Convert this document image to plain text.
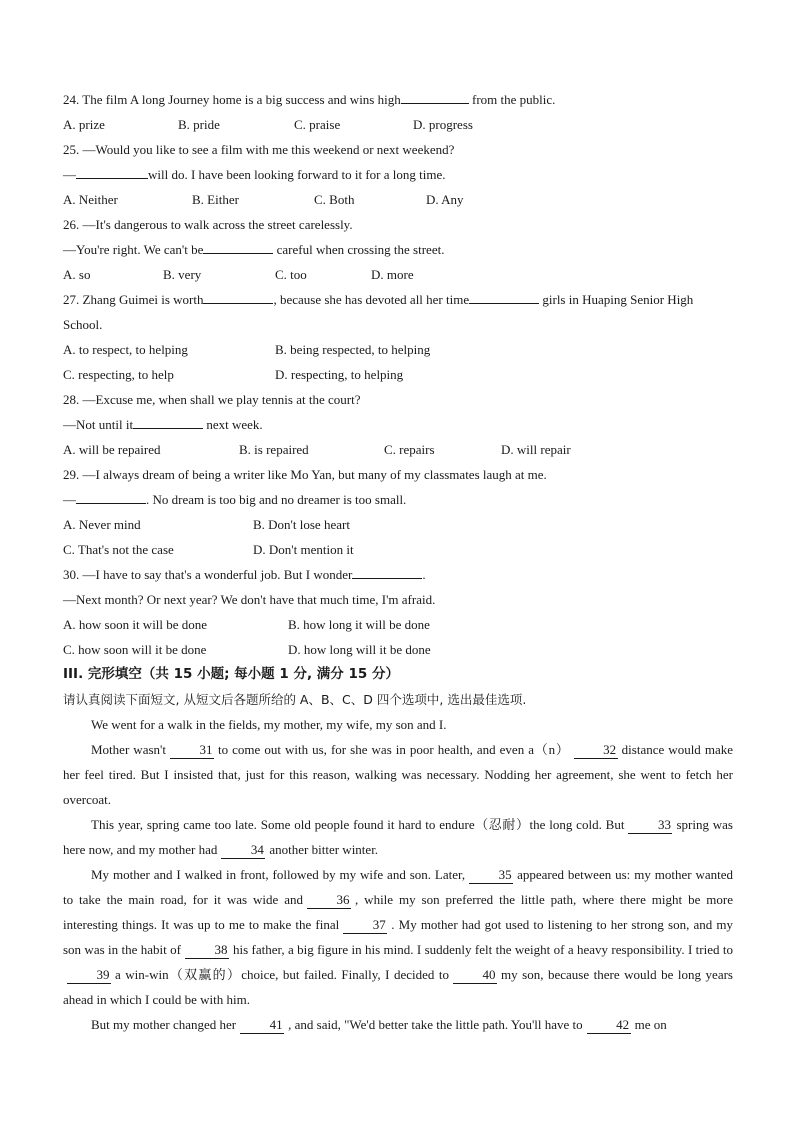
24. The film A long Journey home is a big success and wins high	from the public.
A. prize	B. pride	C. praise	D. progress
25. —Would you like to see a film with me this weekend or next weekend?
—	will do. I have been looking forward to it for a long time.
A. Neither	B. Either	C. Both	D. Any
26. —It's dangerous to walk across the street carelessly.
—You're right. We can't be	careful when crossing the street.
A. so	B. very	C. too	D. more
27. Zhang Guimei is worth	, because she has devoted all her time	girls in Huaping Senior High School.
A. to respect, to helping	B. being respected, to helping
C. respecting, to help	D. respecting, to helping
28. —Excuse me, when shall we play tennis at the court?
—Not until it	next week.
A. will be repaired	B. is repaired	C. repairs	D. will repair
29. —I always dream of being a writer like Mo Yan, but many of my classmates laugh at me.
—	. No dream is too big and no dreamer is too small.
A. Never mind	B. Don't lose heart
C. That's not the case	D. Don't mention it
30. —I have to say that's a wonderful job. But I wonder	.
—Next month? Or next year? We don't have that much time, I'm afraid.
A. how soon it will be done	B. how long it will be done
C. how soon will it be done	D. how long will it be done
III. 完形填空（共 15 小题; 每小题 1 分, 满分 15 分）
请认真阅读下面短文, 从短文后各题所给的 A、B、C、D 四个选项中, 选出最佳选项.
We went for a walk in the fields, my mother, my wife, my son and I.
Mother wasn't	31 to come out with us, for she was in poor health, and even a（n）	32 distance would make her feel tired. But I insisted that, just for this reason, walking was necessary. Nodding her agreement, she went to fetch her overcoat.
This year, spring came too late. Some old people found it hard to endure（忍耐）the long cold. But	33 spring was here now, and my mother had	34 another bitter winter.
My mother and I walked in front, followed by my wife and son. Later,	35 appeared between us: my mother wanted to take the main road, for it was wide and	36 , while my son preferred the little path, where there might be more interesting things. It was up to me to make the final	37 . My mother had got used to listening to her strong son, and my son was in the habit of	38 his father, a big figure in his mind. I suddenly felt the weight of a heavy responsibility. I tried to39 a win-win（双赢的）choice, but failed. Finally, I decided to	40 my son, because there would be long years ahead in which I could be with him.
But my mother changed her	41 , and said, "We'd better take the little path. You'll have to	42 me on
